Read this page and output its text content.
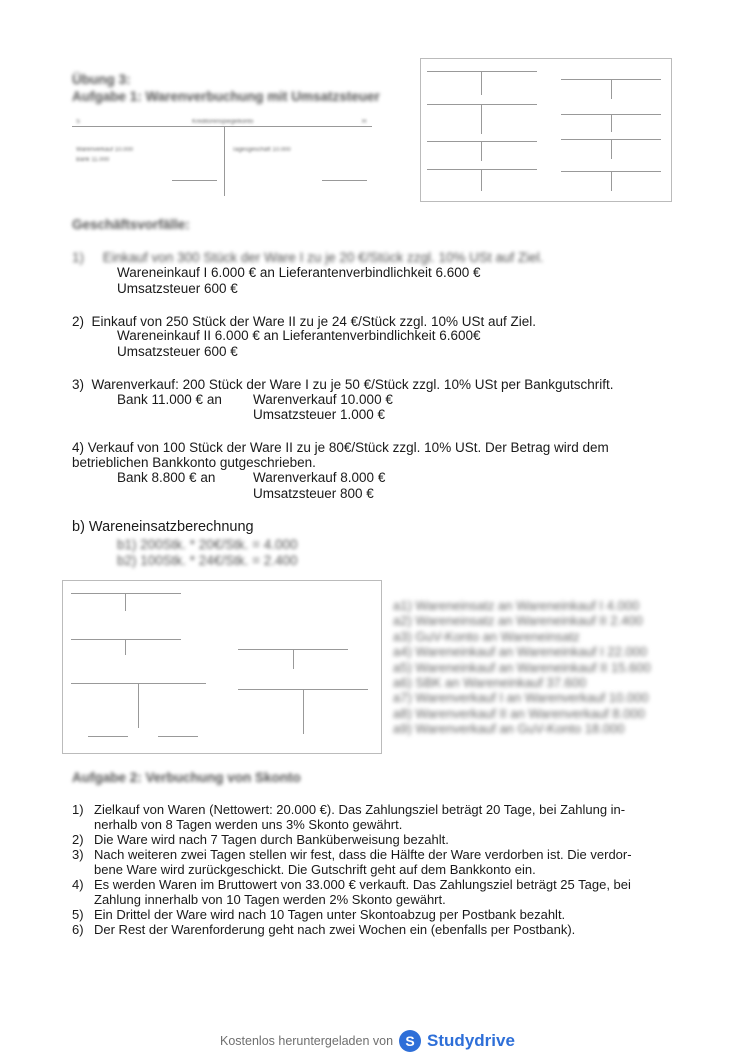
Übung 3:
Aufgabe 1: Warenverbuchung mit Umsatzsteuer
S	Kreditorenspiegelkonto	H
Warenverkauf 10.000
Bank 11.000
Tagesgeschäft 10.000
Geschäftsvorfälle:
1) Einkauf von 300 Stück der Ware I zu je 20 €/Stück zzgl. 10% USt auf Ziel.
Wareneinkauf I 6.000 € an Lieferantenverbindlichkeit 6.600 €
Umsatzsteuer 600 €
2) Einkauf von 250 Stück der Ware II zu je 24 €/Stück zzgl. 10% USt auf Ziel.
Wareneinkauf II 6.000 € an Lieferantenverbindlichkeit 6.600€
Umsatzsteuer 600 €
3) Warenverkauf: 200 Stück der Ware I zu je 50 €/Stück zzgl. 10% USt per Bankgutschrift.
Bank 11.000 € an Warenverkauf 10.000 €
Umsatzsteuer 1.000 €
4) Verkauf von 100 Stück der Ware II zu je 80€/Stück zzgl. 10% USt. Der Betrag wird dem
betrieblichen Bankkonto gutgeschrieben.
Bank 8.800 € an	Warenverkauf 8.000 €
Umsatzsteuer 800 €
b) Wareneinsatzberechnung
b1) 200Stk. * 20€/Stk. = 4.000
b2) 100Stk. * 24€/Stk. = 2.400
a1) Wareneinsatz an Wareneinkauf I 4.000
a2) Wareneinsatz an Wareneinkauf II 2.400
a3) GuV-Konto an Wareneinsatz
a4) Wareneinkauf an Wareneinkauf I 22.000
a5) Wareneinkauf an Wareneinkauf II 15.600
a6) SBK an Wareneinkauf 37.600
a7) Warenverkauf I an Warenverkauf 10.000
a8) Warenverkauf II an Warenverkauf 8.000
a9) Warenverkauf an GuV-Konto 18.000
Aufgabe 2: Verbuchung von Skonto
1) Zielkauf von Waren (Nettowert: 20.000 €). Das Zahlungsziel beträgt 20 Tage, bei Zahlung in-
nerhalb von 8 Tagen werden uns 3% Skonto gewährt.
2) Die Ware wird nach 7 Tagen durch Banküberweisung bezahlt.
3) Nach weiteren zwei Tagen stellen wir fest, dass die Hälfte der Ware verdorben ist. Die verdor-
bene Ware wird zurückgeschickt. Die Gutschrift geht auf dem Bankkonto ein.
4) Es werden Waren im Bruttowert von 33.000 € verkauft. Das Zahlungsziel beträgt 25 Tage, bei
Zahlung innerhalb von 10 Tagen werden 2% Skonto gewährt.
5) Ein Drittel der Ware wird nach 10 Tagen unter Skontoabzug per Postbank bezahlt.
6) Der Rest der Warenforderung geht nach zwei Wochen ein (ebenfalls per Postbank).
Kostenlos heruntergeladen von S Studydrive
